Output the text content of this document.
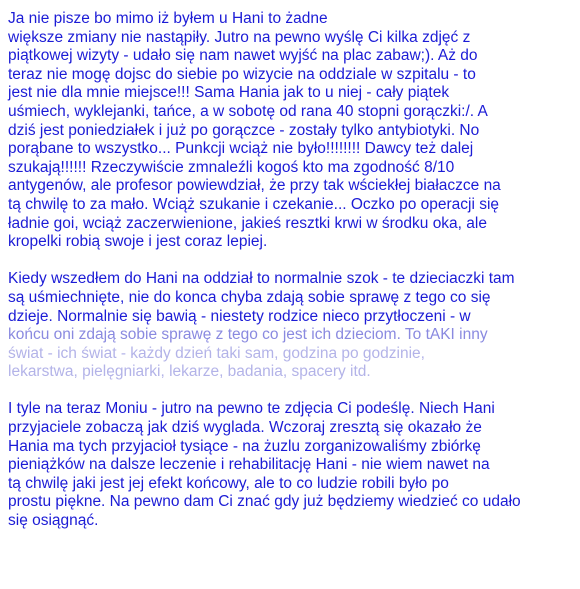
Ja nie pisze bo mimo iż byłem u Hani to żadne
większe zmiany nie nastąpiły. Jutro na pewno wyślę Ci kilka zdjęć z
piątkowej wizyty - udało się nam nawet wyjść na plac zabaw;). Aż do
teraz nie mogę dojsc do siebie po wizycie na oddziale w szpitalu - to
jest nie dla mnie miejsce!!! Sama Hania jak to u niej - cały piątek
uśmiech, wyklejanki, tańce, a w sobotę od rana 40 stopni gorączki:/. A
dziś jest poniedziałek i już po gorączce - zostały tylko antybiotyki. No
porąbane to wszystko... Punkcji wciąż nie było!!!!!!!! Dawcy też dalej
szukają!!!!!! Rzeczywiście zmnaleźli kogoś kto ma zgodność 8/10
antygenów, ale profesor powiewdział, że przy tak wściekłej białaczce na
tą chwilę to za mało. Wciąż szukanie i czekanie... Oczko po operacji się
ładnie goi, wciąż zaczerwienione, jakieś resztki krwi w środku oka, ale
kropelki robią swoje i jest coraz lepiej.
Kiedy wszedłem do Hani na oddział to normalnie szok - te dzieciaczki tam
są uśmiechnięte, nie do konca chyba zdają sobie sprawę z tego co się
dzieje. Normalnie się bawią - niestety rodzice nieco przytłoczeni - w
końcu oni zdają sobie sprawę z tego co jest ich dzieciom. To tAKI inny
świat - ich świat - każdy dzień taki sam, godzina po godzinie,
lekarstwa, pielęgniarki, lekarze, badania, spacery itd.
I tyle na teraz Moniu - jutro na pewno te zdjęcia Ci podeślę. Niech Hani
przyjaciele zobaczą jak dziś wyglada. Wczoraj zresztą się okazało że
Hania ma tych przyjacioł tysiące - na żuzlu zorganizowaliśmy zbiórkę
pieniążków na dalsze leczenie i rehabilitację Hani - nie wiem nawet na
tą chwilę jaki jest jej efekt końcowy, ale to co ludzie robili było po
prostu piękne. Na pewno dam Ci znać gdy już będziemy wiedzieć co udało
się osiągnąć.
